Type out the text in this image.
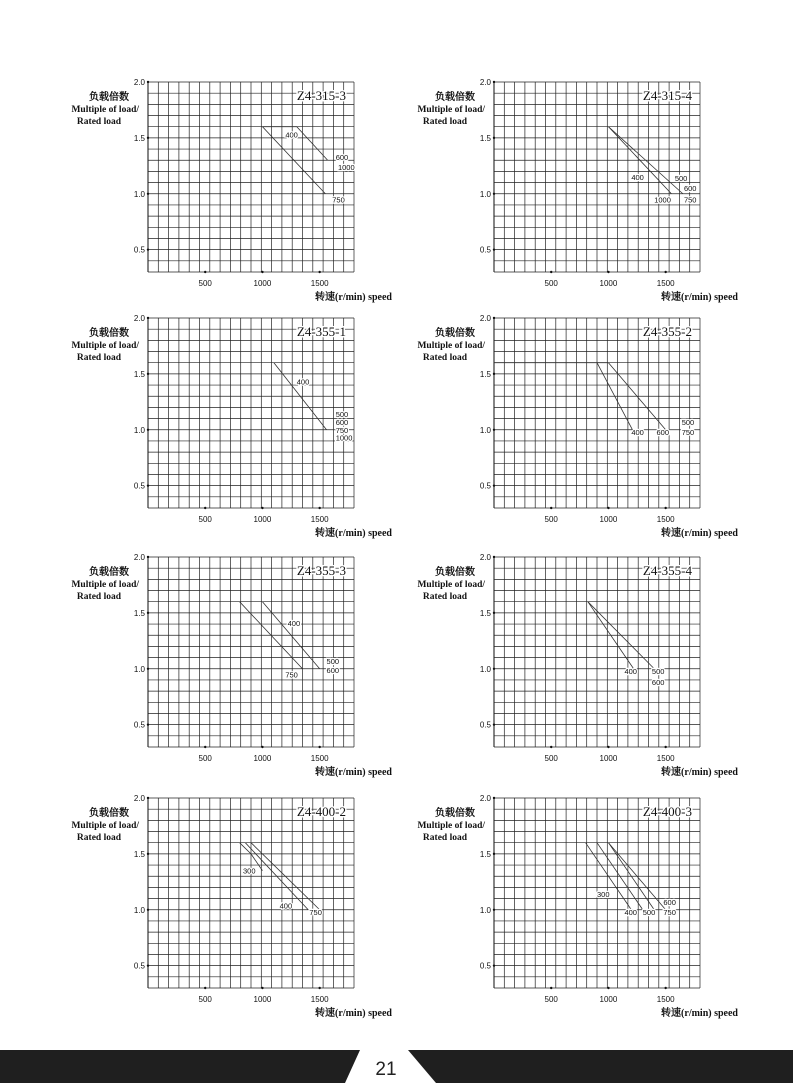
0.5
1.0
1.5
2.0
500	1000	1500
Z4-315-3
负载倍数
Multiple of load/
Rated load
转速(r/min) speed
400
600
1000
750
0.5
1.0
1.5
2.0
500	1000	1500
Z4-315-4
负载倍数
Multiple of load/
Rated load
转速(r/min) speed
400	500
600
1000 750
0.5
1.0
1.5
2.0
500	1000	1500
Z4-355-1
负载倍数
Multiple of load/
Rated load
转速(r/min) speed
400
500
600
750
1000
0.5
1.0
1.5
2.0
500	1000	1500
Z4-355-2
负载倍数
Multiple of load/
Rated load
转速(r/min) speed
400 600
500
750
0.5
1.0
1.5
2.0
500	1000	1500
Z4-355-3
负载倍数
Multiple of load/
Rated load
转速(r/min) speed
400
500
600
750
0.5
1.0
1.5
2.0
500	1000	1500
Z4-355-4
负载倍数
Multiple of load/
Rated load
转速(r/min) speed
400 500
600
0.5
1.0
1.5
2.0
500	1000	1500
Z4-400-2
负载倍数
Multiple of load/
Rated load
转速(r/min) speed
300
400
750
0.5
1.0
1.5
2.0
500	1000	1500
Z4-400-3
负载倍数
Multiple of load/
Rated load
转速(r/min) speed
300
400 500
600
750
21
